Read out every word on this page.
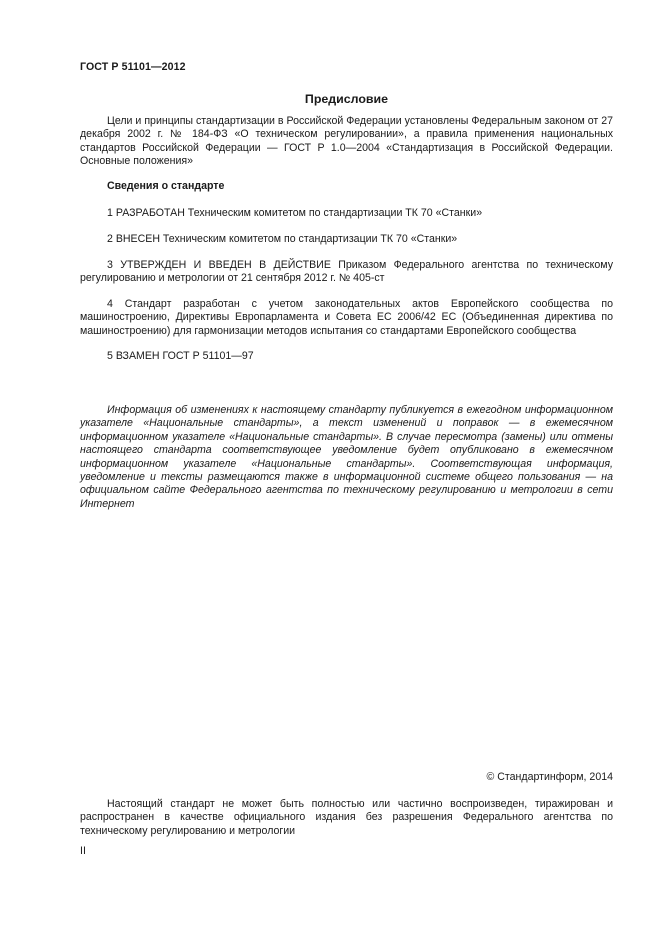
ГОСТ Р 51101—2012
Предисловие

Цели и принципы стандартизации в Российской Федерации установлены Федеральным законом от 27 декабря 2002 г. № 184-ФЗ «О техническом регулировании», а правила применения национальных стандартов Российской Федерации — ГОСТ Р 1.0—2004 «Стандартизация в Российской Федерации. Основные положения»

Сведения о стандарте

1 РАЗРАБОТАН Техническим комитетом по стандартизации ТК 70 «Станки»

2 ВНЕСЕН Техническим комитетом по стандартизации ТК 70 «Станки»

3 УТВЕРЖДЕН И ВВЕДЕН В ДЕЙСТВИЕ Приказом Федерального агентства по техническому регулированию и метрологии от 21 сентября 2012 г. № 405-ст

4 Стандарт разработан с учетом законодательных актов Европейского сообщества по машиностроению, Директивы Европарламента и Совета ЕС 2006/42 ЕС (Объединенная директива по машиностроению) для гармонизации методов испытания со стандартами Европейского сообщества

5 ВЗАМЕН ГОСТ Р 51101—97

Информация об изменениях к настоящему стандарту публикуется в ежегодном информационном указателе «Национальные стандарты», а текст изменений и поправок — в ежемесячном информационном указателе «Национальные стандарты». В случае пересмотра (замены) или отмены настоящего стандарта соответствующее уведомление будет опубликовано в ежемесячном информационном указателе «Национальные стандарты». Соответствующая информация, уведомление и тексты размещаются также в информационной системе общего пользования — на официальном сайте Федерального агентства по техническому регулированию и метрологии в сети Интернет

© Стандартинформ, 2014

Настоящий стандарт не может быть полностью или частично воспроизведен, тиражирован и распространен в качестве официального издания без разрешения Федерального агентства по техническому регулированию и метрологии

II
